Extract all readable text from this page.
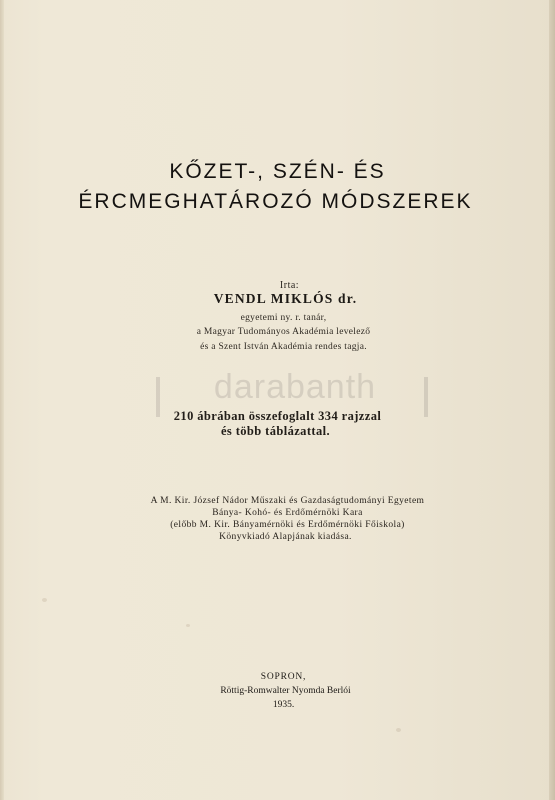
KŐZET-, SZÉN- ÉS
ÉRCMEGHATÁROZÓ MÓDSZEREK
Irta:
VENDL MIKLÓS dr.
egyetemi ny. r. tanár,
a Magyar Tudományos Akadémia levelező
és a Szent István Akadémia rendes tagja.
darabanth
210 ábrában összefoglalt 334 rajzzal
és több táblázattal.
A M. Kir. József Nádor Műszaki és Gazdaságtudományi Egyetem
Bánya- Kohó- és Erdőmérnöki Kara
(előbb M. Kir. Bányamérnöki és Erdőmérnöki Főiskola)
Könyvkiadó Alapjának kiadása.
SOPRON,
Röttig-Romwalter Nyomda Berlói
1935.
